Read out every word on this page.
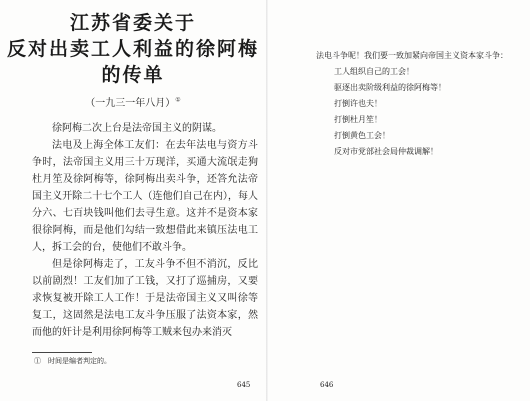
江苏省委关于
反对出卖工人利益的徐阿梅
的传单
（一九三一年八月）①

徐阿梅二次上台是法帝国主义的阴谋。

法电及上海全体工友们：在去年法电与资方斗争时，法帝国主义用三十万现洋，买通大流氓走狗杜月笙及徐阿梅等，徐阿梅出卖斗争，还答允法帝国主义开除二十七个工人（连他们自己在内），每人分六、七百块钱叫他们去寻生意。这并不是资本家很徐阿梅，而是他们勾结一致想借此来镇压法电工人，拆工会的台，使他们不敢斗争。

但是徐阿梅走了，工友斗争不但不消沉，反比以前剧烈！工友们加了工钱，又打了巡捕房，又要求恢复被开除工人工作！于是法帝国主义又叫徐等复工，这固然是法电工友斗争压服了法资本家，然而他的奸计是利用徐阿梅等工贼来包办来消灭

①　时间是编者判定的。
645

法电斗争呢！我们要一致加紧向帝国主义资本家斗争：

工人组织自己的工会！
驱逐出卖阶级利益的徐阿梅等！
打倒许也夫！
打倒杜月笙！
打倒黄色工会！
反对市党部社会局仲裁调解！
646
